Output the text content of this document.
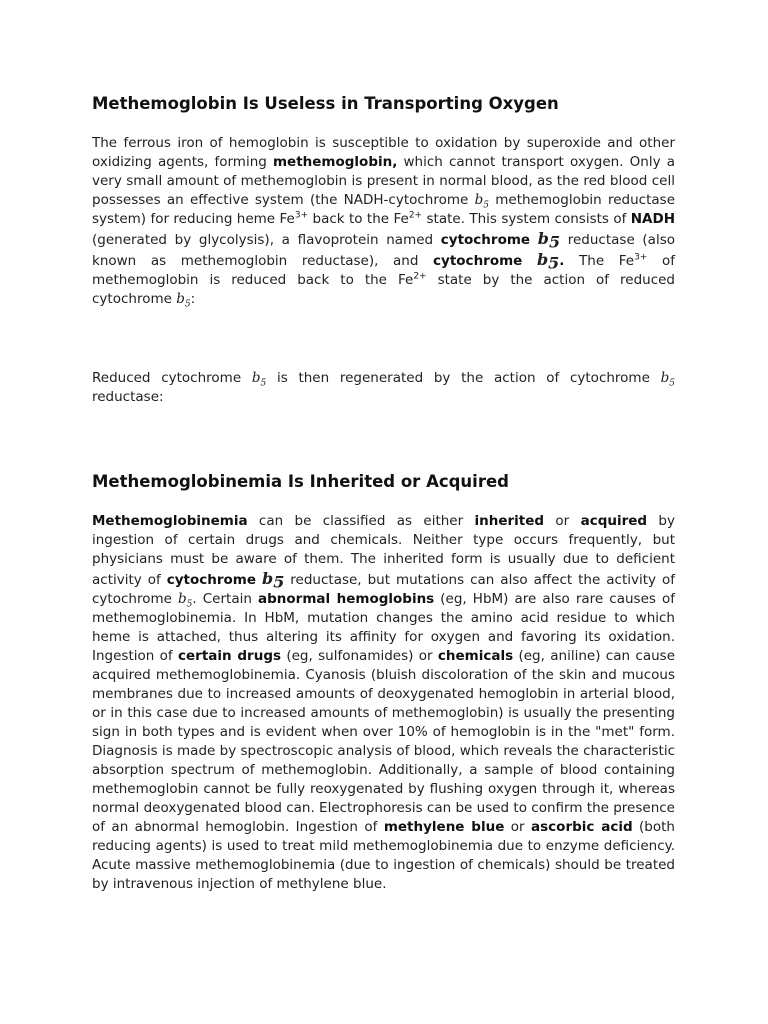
Methemoglobin Is Useless in Transporting Oxygen

The ferrous iron of hemoglobin is susceptible to oxidation by superoxide and other oxidizing agents, forming methemoglobin, which cannot transport oxygen. Only a very small amount of methemoglobin is present in normal blood, as the red blood cell possesses an effective system (the NADH-cytochrome $b_5$ methemoglobin reductase system) for reducing heme $Fe^{3+}$ back to the $Fe^{2+}$ state. This system consists of NADH (generated by glycolysis), a flavoprotein named cytochrome $b_5$ reductase (also known as methemoglobin reductase), and cytochrome $b_5$. The $Fe^{3+}$ of methemoglobin is reduced back to the $Fe^{2+}$ state by the action of reduced cytochrome $b_5$:

Reduced cytochrome $b_5$ is then regenerated by the action of cytochrome $b_5$ reductase:

Methemoglobinemia Is Inherited or Acquired

Methemoglobinemia can be classified as either inherited or acquired by ingestion of certain drugs and chemicals. Neither type occurs frequently, but physicians must be aware of them. The inherited form is usually due to deficient activity of cytochrome $b_5$ reductase, but mutations can also affect the activity of cytochrome $b_5$. Certain abnormal hemoglobins (eg, HbM) are also rare causes of methemoglobinemia. In HbM, mutation changes the amino acid residue to which heme is attached, thus altering its affinity for oxygen and favoring its oxidation. Ingestion of certain drugs (eg, sulfonamides) or chemicals (eg, aniline) can cause acquired methemoglobinemia. Cyanosis (bluish discoloration of the skin and mucous membranes due to increased amounts of deoxygenated hemoglobin in arterial blood, or in this case due to increased amounts of methemoglobin) is usually the presenting sign in both types and is evident when over 10% of hemoglobin is in the "met" form. Diagnosis is made by spectroscopic analysis of blood, which reveals the characteristic absorption spectrum of methemoglobin. Additionally, a sample of blood containing methemoglobin cannot be fully reoxygenated by flushing oxygen through it, whereas normal deoxygenated blood can. Electrophoresis can be used to confirm the presence of an abnormal hemoglobin. Ingestion of methylene blue or ascorbic acid (both reducing agents) is used to treat mild methemoglobinemia due to enzyme deficiency. Acute massive methemoglobinemia (due to ingestion of chemicals) should be treated by intravenous injection of methylene blue.
